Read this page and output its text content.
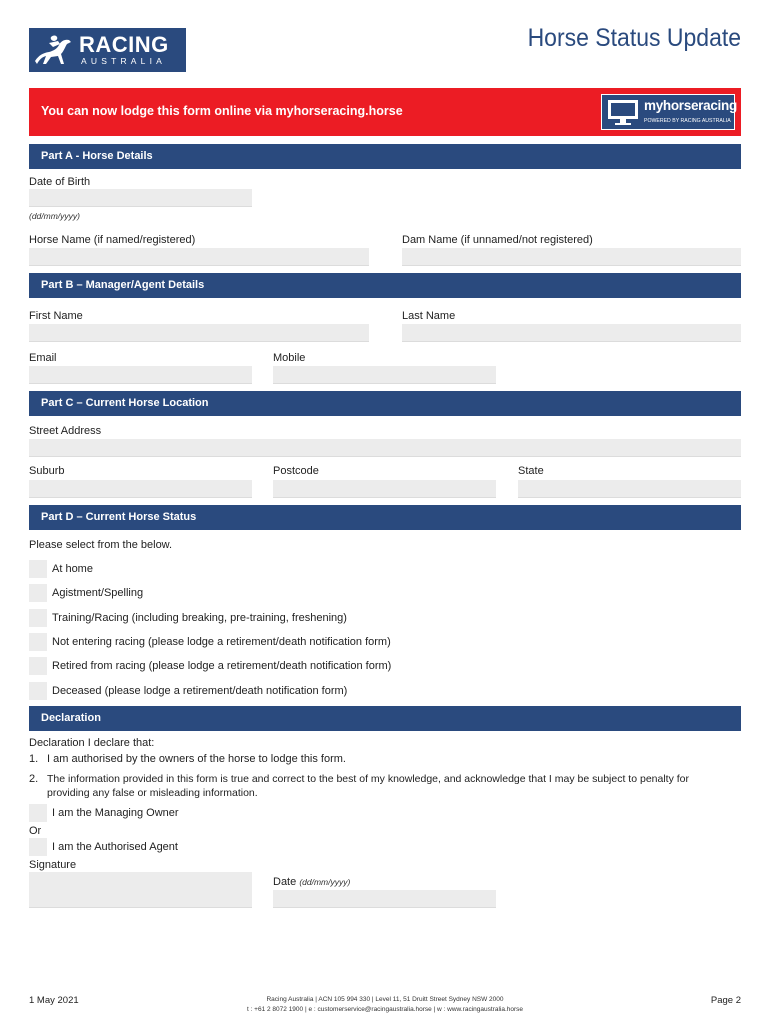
RACING
AUSTRALIA
Horse Status Update
You can now lodge this form online via myhorseracing.horse	myhorseracing
POWERED BY RACING AUSTRALIA
Part A - Horse Details
Date of Birth
(dd/mm/yyyy)
Horse Name (if named/registered)	Dam Name (if unnamed/not registered)
Part B – Manager/Agent Details
First Name	Last Name
Email	Mobile
Part C – Current Horse Location
Street Address
Suburb	Postcode	State
Part D – Current Horse Status
Please select from the below.
At home
Agistment/Spelling
Training/Racing (including breaking, pre-training, freshening)
Not entering racing (please lodge a retirement/death notification form)
Retired from racing (please lodge a retirement/death notification form)
Deceased (please lodge a retirement/death notification form)
Declaration
Declaration I declare that:
1. I am authorised by the owners of the horse to lodge this form.
2. The information provided in this form is true and correct to the best of my knowledge, and acknowledge that I may be subject to penalty for
providing any false or misleading information.
I am the Managing Owner
Or
I am the Authorised Agent
Signature
Date (dd/mm/yyyy)
1 May 2021	Racing Australia | ACN 105 994 330 | Level 11, 51 Druitt Street Sydney NSW 2000
t : +61 2 8072 1900 | e : customerservice@racingaustralia.horse | w : www.racingaustralia.horse
Page 2
